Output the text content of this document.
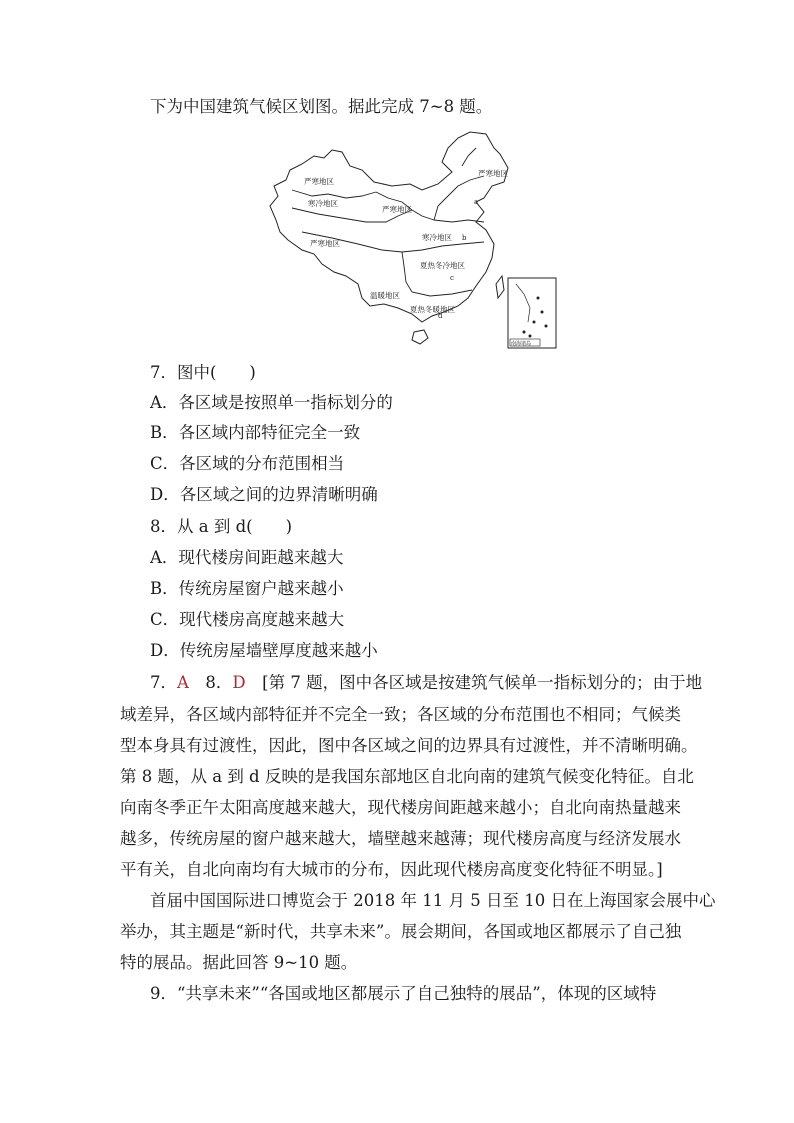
下为中国建筑气候区划图。据此完成 7~8 题。
严寒地区
寒冷地区
严寒地区
严寒地区
寒冷地区
严寒地区
夏热冬冷地区
温暖地区
夏热冬暖地区
a
b
c
d
南海诸岛
7．图中(　　)
A．各区域是按照单一指标划分的
B．各区域内部特征完全一致
C．各区域的分布范围相当
D．各区域之间的边界清晰明确
8．从 a 到 d(　　)
A．现代楼房间距越来越大
B．传统房屋窗户越来越小
C．现代楼房高度越来越大
D．传统房屋墙壁厚度越来越小
7．A　 8．D　 [第 7 题，图中各区域是按建筑气候单一指标划分的；由于地
域差异，各区域内部特征并不完全一致；各区域的分布范围也不相同；气候类
型本身具有过渡性，因此，图中各区域之间的边界具有过渡性，并不清晰明确。
第 8 题，从 a 到 d 反映的是我国东部地区自北向南的建筑气候变化特征。自北
向南冬季正午太阳高度越来越大，现代楼房间距越来越小；自北向南热量越来
越多，传统房屋的窗户越来越大，墙壁越来越薄；现代楼房高度与经济发展水
平有关，自北向南均有大城市的分布，因此现代楼房高度变化特征不明显。]
首届中国国际进口博览会于 2018 年 11 月 5 日至 10 日在上海国家会展中心
举办，其主题是“新时代，共享未来”。展会期间，各国或地区都展示了自己独
特的展品。据此回答 9~10 题。
9．“共享未来”“各国或地区都展示了自己独特的展品”，体现的区域特
